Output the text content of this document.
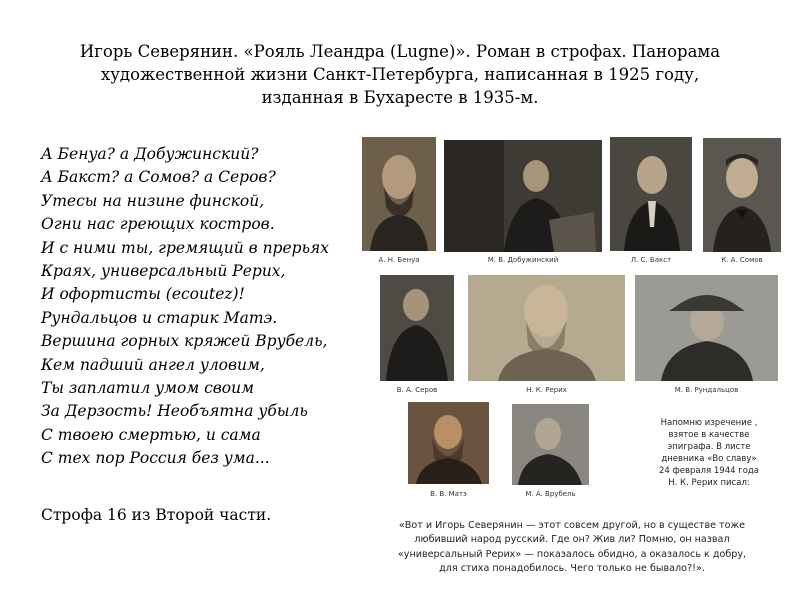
Игорь Северянин. «Рояль Леандра (Lugne)». Роман в строфах. Панорама
художественной жизни Санкт-Петербурга, написанная в 1925 году,
изданная в Бухаресте в 1935-м.
А Бенуа? а Добужинский?
А Бакст? а Сомов? а Серов?
Утесы на низине финской,
Огни нас греющих костров.
И с ними ты, гремящий в прерьях
Краях, универсальный Рерих,
И офортисты (ecoutez)!
Рундальцов и старик Матэ.
Вершина горных кряжей Врубель,
Кем падший ангел уловим,
Ты заплатил умом своим
За Дерзость! Необъятна убыль
С твоею смертью, и сама
С тех пор Россия без ума...
Строфа 16 из Второй части.
А. Н. Бенуа	М. В. Добужинский	Л. С. Бакст	К. А. Сомов
В. А. Серов	Н. К. Рерих	М. В. Рундальцов
В. В. Матэ	М. А. Врубель
Напомню изречение ,
взятое в качестве
эпиграфа. В листе
дневника «Во славу»
24 февраля 1944 года
Н. К. Рерих писал:
«Вот и Игорь Северянин — этот совсем другой, но в существе тоже
любивший народ русский. Где он? Жив ли? Помню, он назвал
«универсальный Рерих» — показалось обидно, а оказалось к добру,
для стиха понадобилось. Чего только не бывало?!».
